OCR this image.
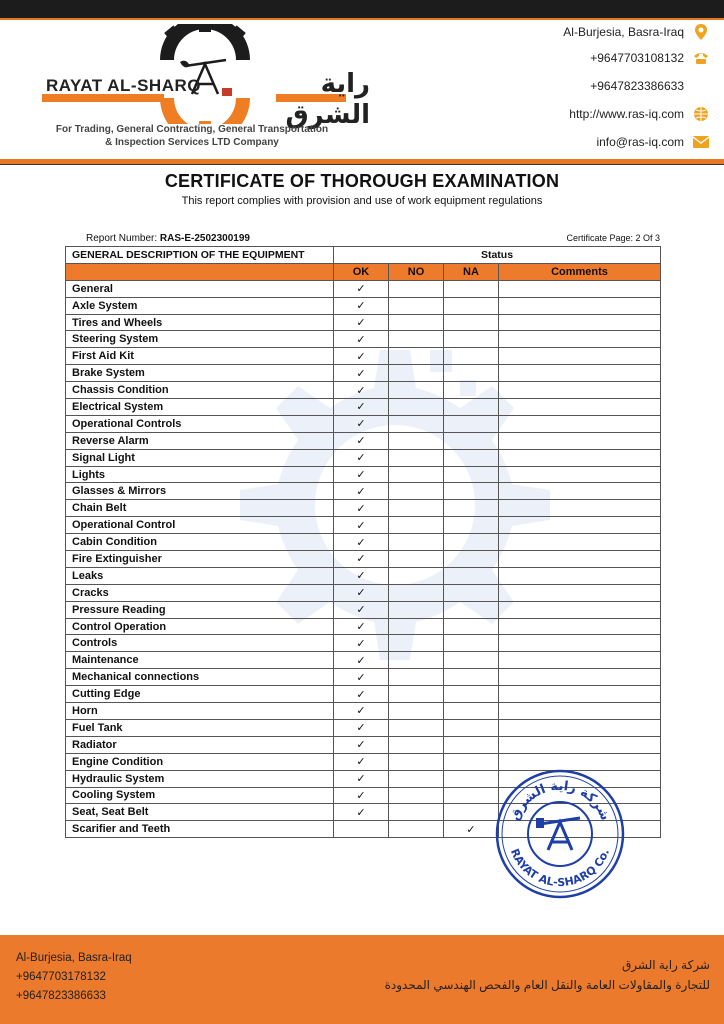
RAYAT AL-SHARQ	راية الشرق
For Trading, General Contracting, General Transportation
& Inspection Services LTD Company
Al-Burjesia, Basra-Iraq
+9647703108132
+9647823386633
http://www.ras-iq.com
info@ras-iq.com
CERTIFICATE OF THOROUGH EXAMINATION
This report complies with provision and use of work equipment regulations
Report Number: RAS-E-2502300199	Certificate Page: 2 Of 3
GENERAL DESCRIPTION OF THE EQUIPMENT	Status			
	OK	NO	NA	Comments
General	✓			
Axle System	✓			
Tires and Wheels	✓			
Steering System	✓			
First Aid Kit	✓			
Brake System	✓			
Chassis Condition	✓			
Electrical System	✓			
Operational Controls	✓			
Reverse Alarm	✓			
Signal Light	✓			
Lights	✓			
Glasses & Mirrors	✓			
Chain Belt	✓			
Operational Control	✓			
Cabin Condition	✓			
Fire Extinguisher	✓			
Leaks	✓			
Cracks	✓			
Pressure Reading	✓			
Control Operation	✓			
Controls	✓			
Maintenance	✓			
Mechanical connections	✓			
Cutting Edge	✓			
Horn	✓			
Fuel Tank	✓			
Radiator	✓			
Engine Condition	✓			
Hydraulic System	✓			
Cooling System	✓			
Seat, Seat Belt	✓			
Scarifier and Teeth			✓	
شركة راية الشرق
RAYAT AL-SHARQ Co.
Al-Burjesia, Basra-Iraq
+9647703178132
+9647823386633
شركة راية الشرق
للتجارة والمقاولات العامة والنقل العام والفحص الهندسي المحدودة
